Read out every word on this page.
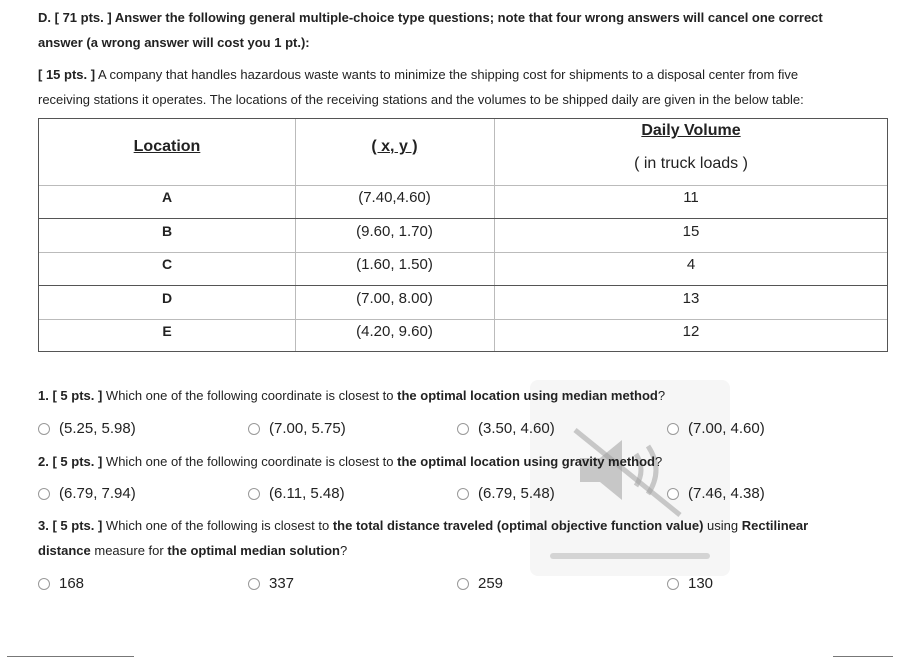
D. [ 71 pts. ] Answer the following general multiple-choice type questions; note that four wrong answers will cancel one correct
answer (a wrong answer will cost you 1 pt.):
[ 15 pts. ] A company that handles hazardous waste wants to minimize the shipping cost for shipments to a disposal center from five
receiving stations it operates. The locations of the receiving stations and the volumes to be shipped daily are given in the below table:
Location	( x, y )
Daily Volume
( in truck loads )
A	(7.40,4.60)	11
B	(9.60, 1.70)	15
C	(1.60, 1.50)	4
D	(7.00, 8.00)	13
E	(4.20, 9.60)	12
1. [ 5 pts. ] Which one of the following coordinate is closest to the optimal location using median method?
(5.25, 5.98)	(7.00, 5.75)	(3.50, 4.60)	(7.00, 4.60)
2. [ 5 pts. ] Which one of the following coordinate is closest to the optimal location using gravity method?
(6.79, 7.94)	(6.11, 5.48)	(6.79, 5.48)	(7.46, 4.38)
3. [ 5 pts. ] Which one of the following is closest to the total distance traveled (optimal objective function value) using Rectilinear
distance measure for the optimal median solution?
168	337	259	130
